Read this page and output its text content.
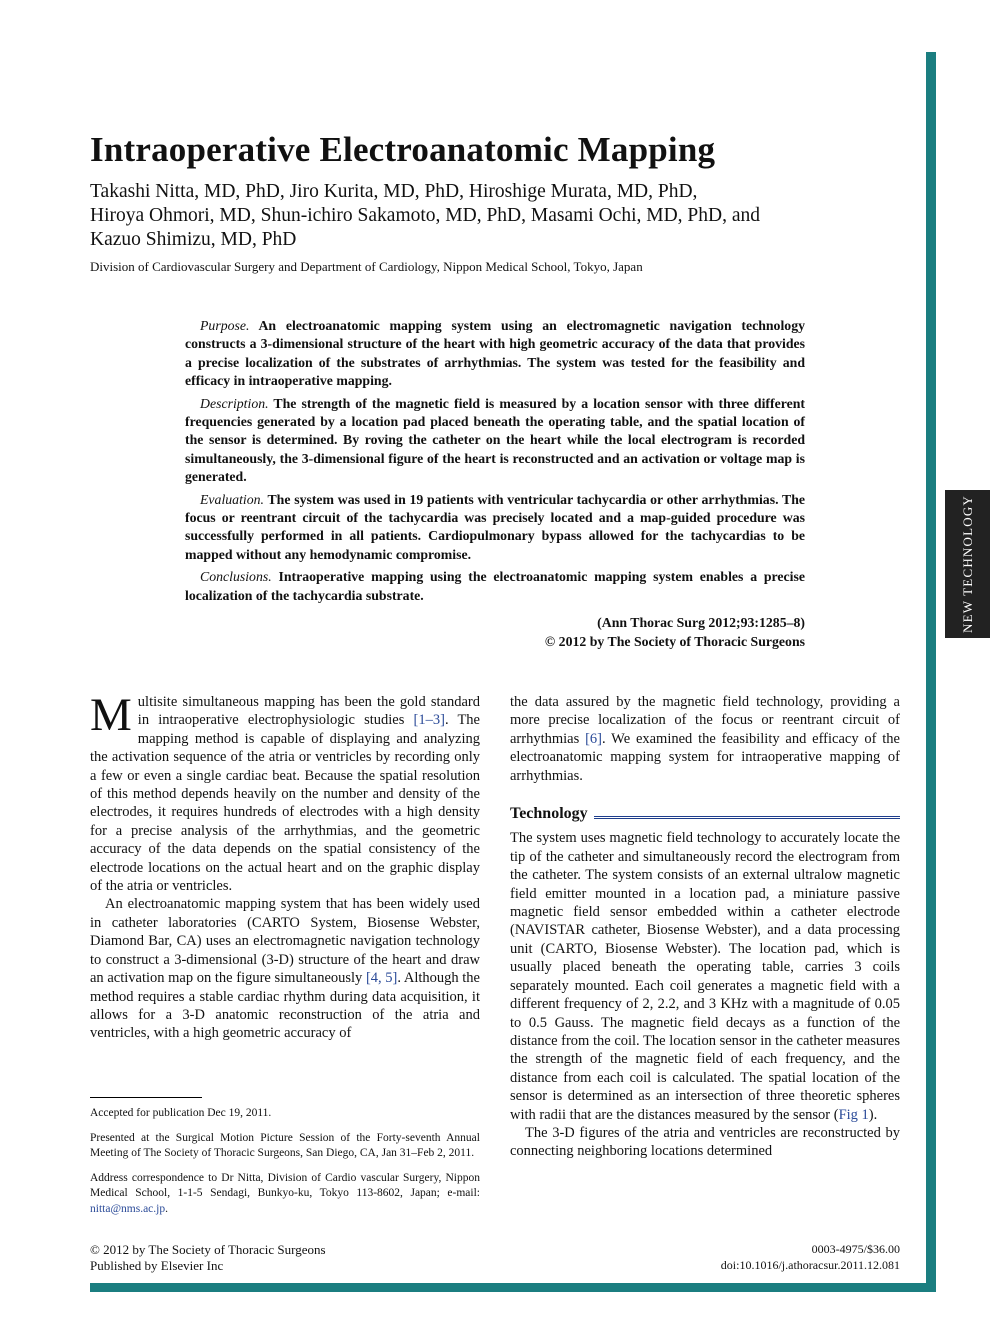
NEW TECHNOLOGY
Intraoperative Electroanatomic Mapping
Takashi Nitta, MD, PhD, Jiro Kurita, MD, PhD, Hiroshige Murata, MD, PhD,
Hiroya Ohmori, MD, Shun-ichiro Sakamoto, MD, PhD, Masami Ochi, MD, PhD, and
Kazuo Shimizu, MD, PhD
Division of Cardiovascular Surgery and Department of Cardiology, Nippon Medical School, Tokyo, Japan

Purpose. An electroanatomic mapping system using an electromagnetic navigation technology constructs a 3-dimensional structure of the heart with high geometric accuracy of the data that provides a precise localization of the substrates of arrhythmias. The system was tested for the feasibility and efficacy in intraoperative mapping.

Description. The strength of the magnetic field is measured by a location sensor with three different frequencies generated by a location pad placed beneath the operating table, and the spatial location of the sensor is determined. By roving the catheter on the heart while the local electrogram is recorded simultaneously, the 3-dimensional figure of the heart is reconstructed and an activation or voltage map is generated.

Evaluation. The system was used in 19 patients with ventricular tachycardia or other arrhythmias. The focus or reentrant circuit of the tachycardia was precisely located and a map-guided procedure was successfully performed in all patients. Cardiopulmonary bypass allowed for the tachycardias to be mapped without any hemodynamic compromise.

Conclusions. Intraoperative mapping using the electroanatomic mapping system enables a precise localization of the tachycardia substrate.

(Ann Thorac Surg 2012;93:1285–8)
© 2012 by The Society of Thoracic Surgeons

Multisite simultaneous mapping has been the gold standard in intraoperative electrophysiologic studies [1–3]. The mapping method is capable of displaying and analyzing the activation sequence of the atria or ventricles by recording only a few or even a single cardiac beat. Because the spatial resolution of this method depends heavily on the number and density of the electrodes, it requires hundreds of electrodes with a high density for a precise analysis of the arrhythmias, and the geometric accuracy of the data depends on the spatial consistency of the electrode locations on the actual heart and on the graphic display of the atria or ventricles.

An electroanatomic mapping system that has been widely used in catheter laboratories (CARTO System, Biosense Webster, Diamond Bar, CA) uses an electromagnetic navigation technology to construct a 3-dimensional (3-D) structure of the heart and draw an activation map on the figure simultaneously [4, 5]. Although the method requires a stable cardiac rhythm during data acquisition, it allows for a 3-D anatomic reconstruction of the atria and ventricles, with a high geometric accuracy of

the data assured by the magnetic field technology, providing a more precise localization of the focus or reentrant circuit of arrhythmias [6]. We examined the feasibility and efficacy of the electroanatomic mapping system for intraoperative mapping of arrhythmias.

Technology

The system uses magnetic field technology to accurately locate the tip of the catheter and simultaneously record the electrogram from the catheter. The system consists of an external ultralow magnetic field emitter mounted in a location pad, a miniature passive magnetic field sensor embedded within a catheter electrode (NAVISTAR catheter, Biosense Webster), and a data processing unit (CARTO, Biosense Webster). The location pad, which is usually placed beneath the operating table, carries 3 coils separately mounted. Each coil generates a magnetic field with a different frequency of 2, 2.2, and 3 KHz with a magnitude of 0.05 to 0.5 Gauss. The magnetic field decays as a function of the distance from the coil. The location sensor in the catheter measures the strength of the magnetic field of each frequency, and the distance from each coil is calculated. The spatial location of the sensor is determined as an intersection of three theoretic spheres with radii that are the distances measured by the sensor (Fig 1).

The 3-D figures of the atria and ventricles are reconstructed by connecting neighboring locations determined

Accepted for publication Dec 19, 2011.

Presented at the Surgical Motion Picture Session of the Forty-seventh Annual Meeting of The Society of Thoracic Surgeons, San Diego, CA, Jan 31–Feb 2, 2011.

Address correspondence to Dr Nitta, Division of Cardio vascular Surgery, Nippon Medical School, 1-1-5 Sendagi, Bunkyo-ku, Tokyo 113-8602, Japan; e-mail: nitta@nms.ac.jp.

© 2012 by The Society of Thoracic Surgeons
Published by Elsevier Inc
0003-4975/$36.00
doi:10.1016/j.athoracsur.2011.12.081
